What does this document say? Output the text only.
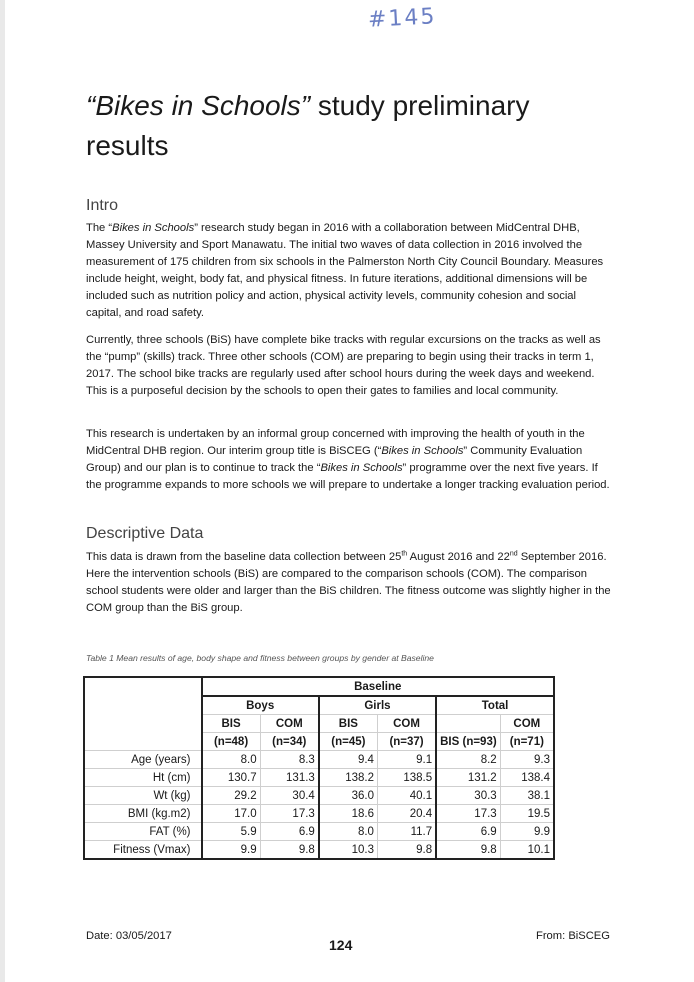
#145
“Bikes in Schools” study preliminary results
Intro

The “Bikes in Schools” research study began in 2016 with a collaboration between MidCentral DHB, Massey University and Sport Manawatu. The initial two waves of data collection in 2016 involved the measurement of 175 children from six schools in the Palmerston North City Council Boundary. Measures include height, weight, body fat, and physical fitness. In future iterations, additional dimensions will be included such as nutrition policy and action, physical activity levels, community cohesion and social capital, and road safety.

Currently, three schools (BiS) have complete bike tracks with regular excursions on the tracks as well as the “pump” (skills) track. Three other schools (COM) are preparing to begin using their tracks in term 1, 2017. The school bike tracks are regularly used after school hours during the week days and weekend. This is a purposeful decision by the schools to open their gates to families and local community.

This research is undertaken by an informal group concerned with improving the health of youth in the MidCentral DHB region. Our interim group title is BiSCEG (“Bikes in Schools” Community Evaluation Group) and our plan is to continue to track the “Bikes in Schools” programme over the next five years. If the programme expands to more schools we will prepare to undertake a longer tracking evaluation period.

Descriptive Data

This data is drawn from the baseline data collection between 25th August 2016 and 22nd September 2016. Here the intervention schools (BiS) are compared to the comparison schools (COM). The comparison school students were older and larger than the BiS children. The fitness outcome was slightly higher in the COM group than the BiS group.

Table 1 Mean results of age, body shape and fitness between groups by gender at Baseline

	Baseline					
	Boys		Girls		Total	
	BIS	COM	BIS	COM		COM
	(n=48)	(n=34)	(n=45)	(n=37)	BIS (n=93)	(n=71)
Age (years)	8.0	8.3	9.4	9.1	8.2	9.3
Ht (cm)	130.7	131.3	138.2	138.5	131.2	138.4
Wt (kg)	29.2	30.4	36.0	40.1	30.3	38.1
BMI (kg.m2)	17.0	17.3	18.6	20.4	17.3	19.5
FAT (%)	5.9	6.9	8.0	11.7	6.9	9.9
Fitness (Vmax)	9.9	9.8	10.3	9.8	9.8	10.1
Date: 03/05/2017
124
From: BiSCEG
